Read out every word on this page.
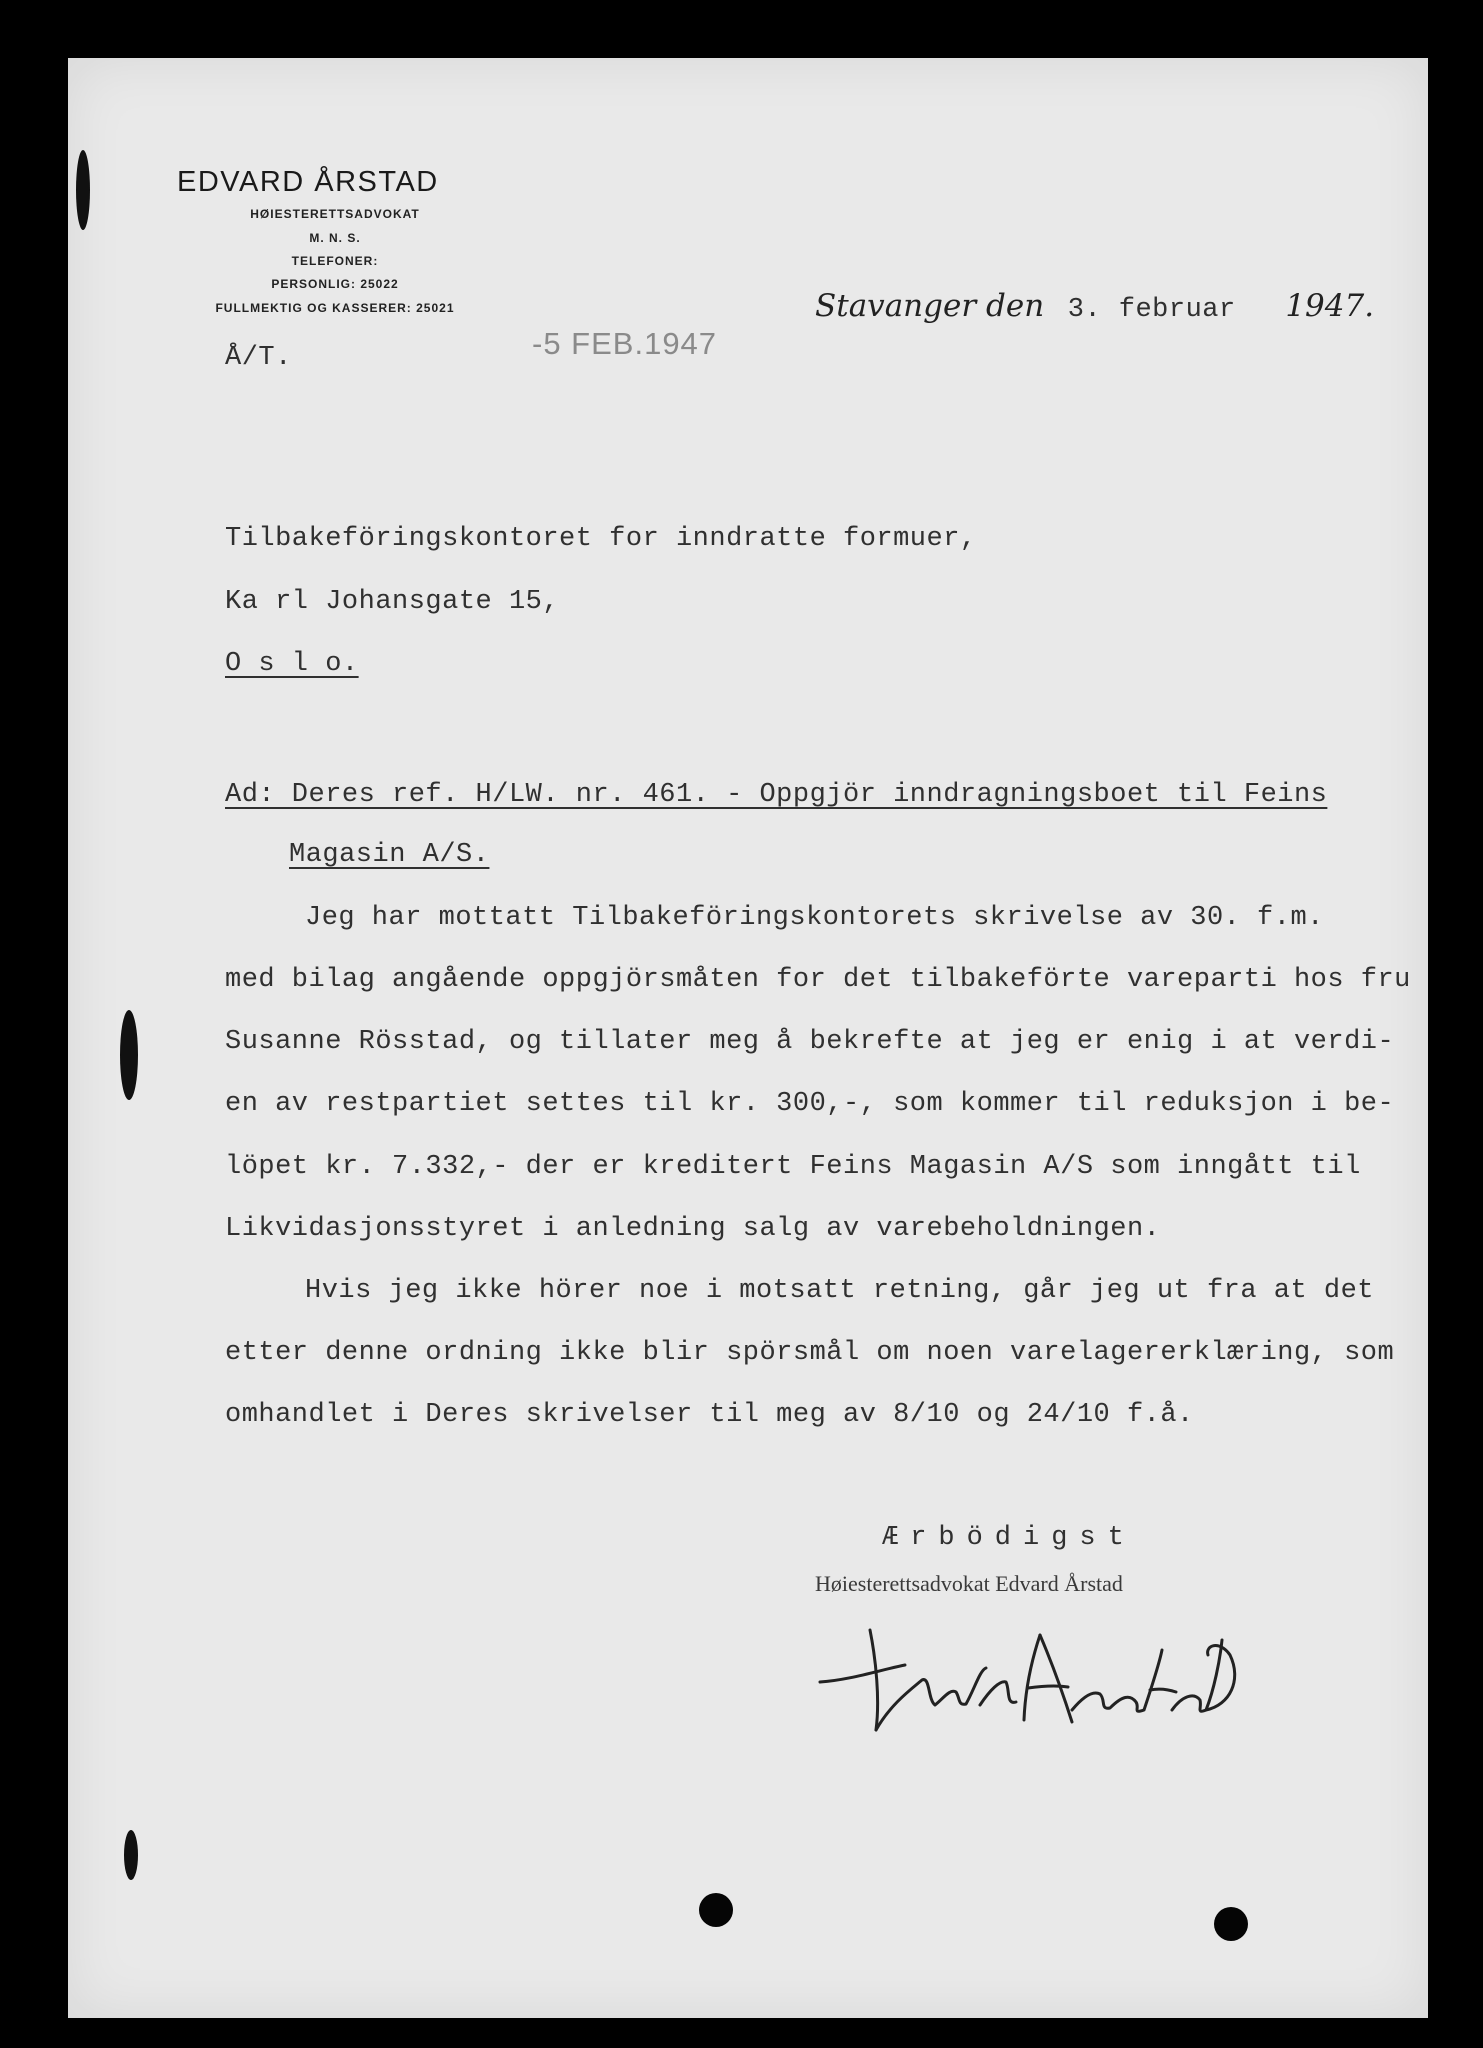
EDVARD ÅRSTAD
HØIESTERETTSADVOKAT
M. N. S.
TELEFONER:
PERSONLIG: 25022
FULLMEKTIG OG KASSERER: 25021
Å/T.	-5 FEB.1947
Stavanger den 3. februar 1947.
Tilbakeföringskontoret for inndratte formuer,
Ka rl Johansgate 15,
O s l o.
Ad: Deres ref. H/LW. nr. 461. - Oppgjör inndragningsboet til Feins
Magasin A/S.
Jeg har mottatt Tilbakeföringskontorets skrivelse av 30. f.m.
med bilag angående oppgjörsmåten for det tilbakeförte vareparti hos fru
Susanne Rösstad, og tillater meg å bekrefte at jeg er enig i at verdi-
en av restpartiet settes til kr. 300,-, som kommer til reduksjon i be-
löpet kr. 7.332,- der er kreditert Feins Magasin A/S som inngått til
Likvidasjonsstyret i anledning salg av varebeholdningen.
Hvis jeg ikke hörer noe i motsatt retning, går jeg ut fra at det
etter denne ordning ikke blir spörsmål om noen varelagererklæring, som
omhandlet i Deres skrivelser til meg av 8/10 og 24/10 f.å.
Ærbödigst
Høiesterettsadvokat Edvard Årstad
